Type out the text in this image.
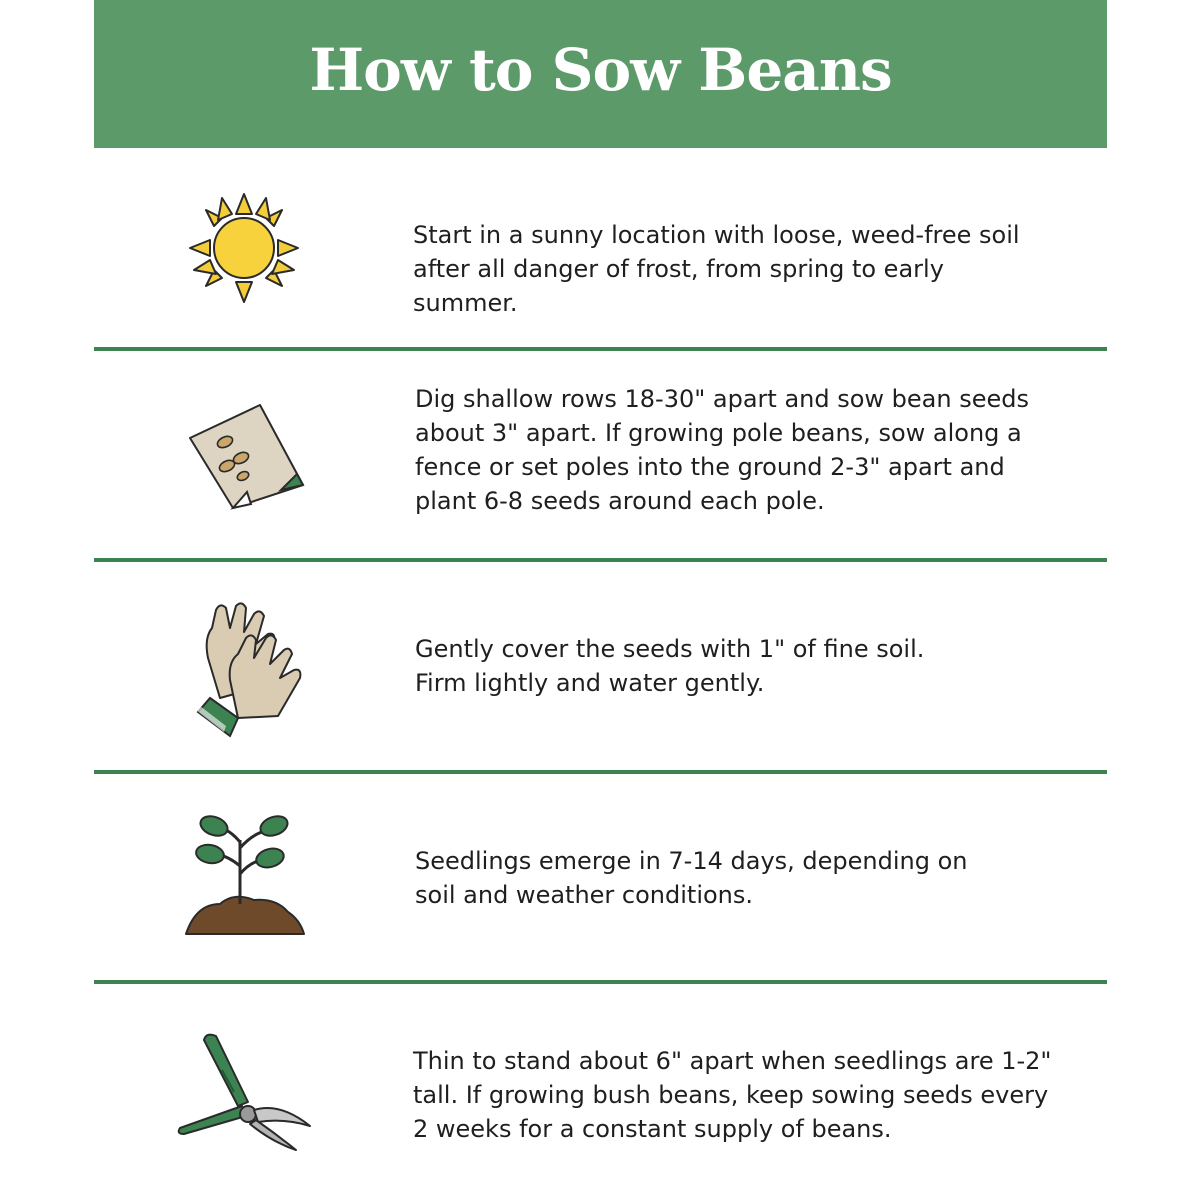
How to Sow Beans
Start in a sunny location with loose, weed-free soil after all danger of frost, from spring to early summer.
Dig shallow rows 18-30" apart and sow bean seeds about 3" apart. If growing pole beans, sow along a fence or set poles into the ground 2-3" apart and plant 6-8 seeds around each pole.
Gently cover the seeds with 1" of fine soil. Firm lightly and water gently.
Seedlings emerge in 7-14 days, depending on soil and weather conditions.
Thin to stand about 6" apart when seedlings are 1-2" tall. If growing bush beans, keep sowing seeds every 2 weeks for a constant supply of beans.
